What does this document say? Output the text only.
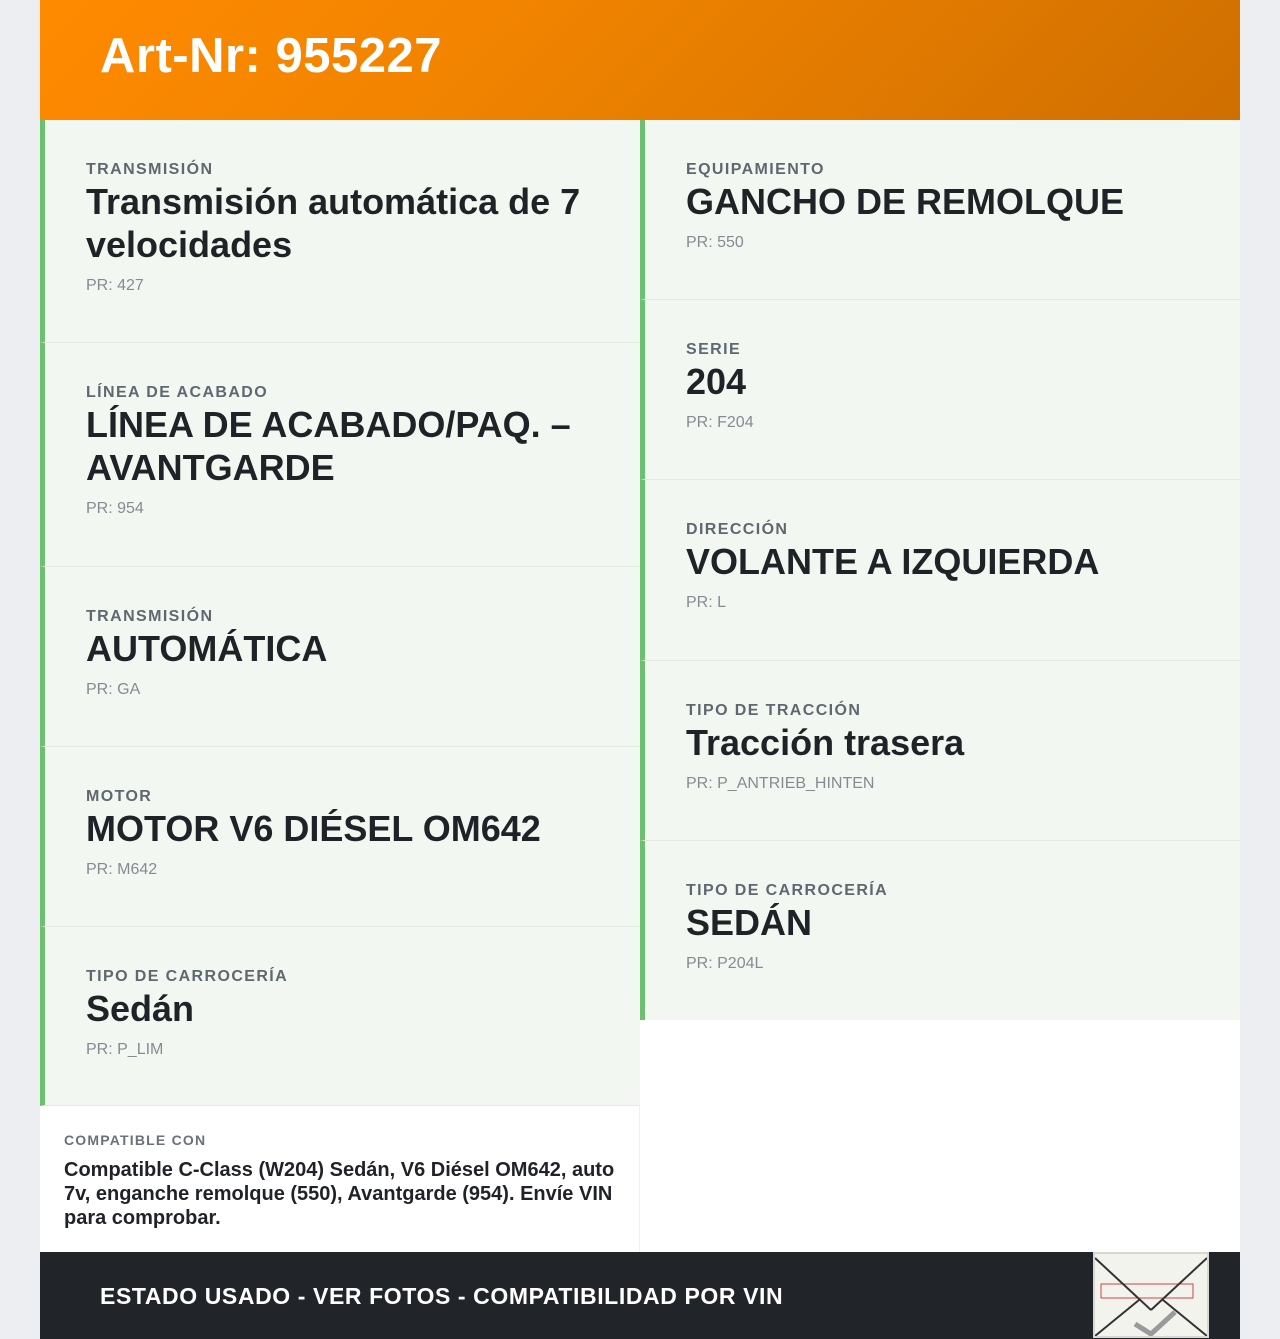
Art-Nr: 955227
TRANSMISIÓN
Transmisión automática de 7 velocidades
PR: 427
LÍNEA DE ACABADO
LÍNEA DE ACABADO/PAQ. – AVANTGARDE
PR: 954
TRANSMISIÓN
AUTOMÁTICA
PR: GA
MOTOR
MOTOR V6 DIÉSEL OM642
PR: M642
TIPO DE CARROCERÍA
Sedán
PR: P_LIM
EQUIPAMIENTO
GANCHO DE REMOLQUE
PR: 550
SERIE
204
PR: F204
DIRECCIÓN
VOLANTE A IZQUIERDA
PR: L
TIPO DE TRACCIÓN
Tracción trasera
PR: P_ANTRIEB_HINTEN
TIPO DE CARROCERÍA
SEDÁN
PR: P204L
COMPATIBLE CON
Compatible C-Class (W204) Sedán, V6 Diésel OM642, auto 7v, enganche remolque (550), Avantgarde (954). Envíe VIN para comprobar.
ESTADO USADO - VER FOTOS - COMPATIBILIDAD POR VIN
